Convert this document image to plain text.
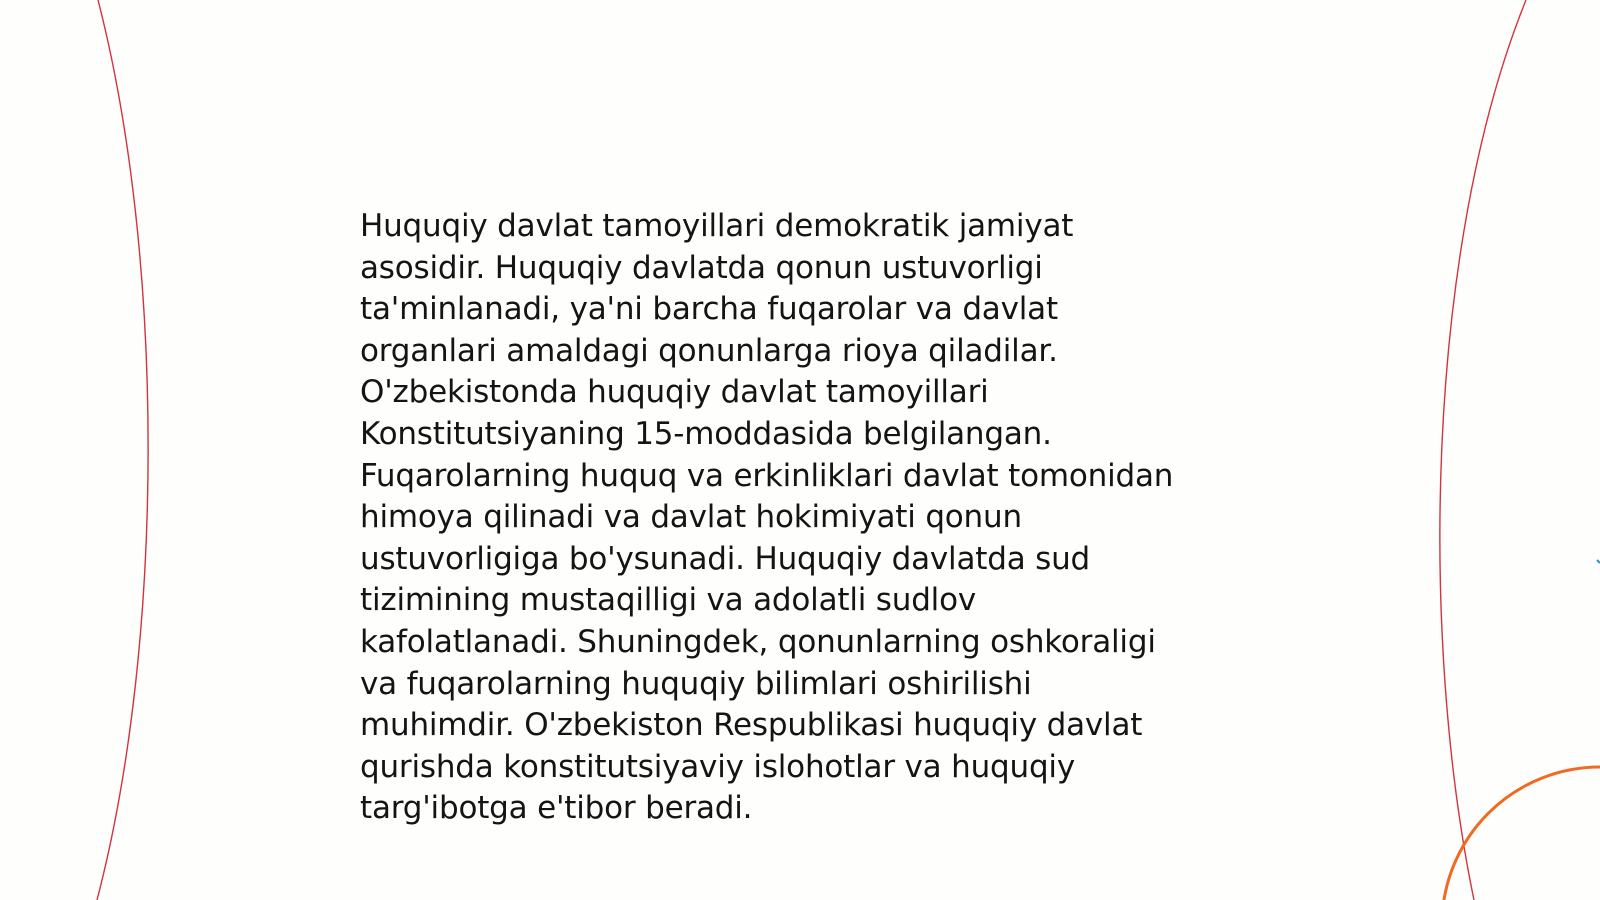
Huquqiy davlat tamoyillari demokratik jamiyat
asosidir. Huquqiy davlatda qonun ustuvorligi
ta'minlanadi, ya'ni barcha fuqarolar va davlat
organlari amaldagi qonunlarga rioya qiladilar.
O'zbekistonda huquqiy davlat tamoyillari
Konstitutsiyaning 15-moddasida belgilangan.
Fuqarolarning huquq va erkinliklari davlat tomonidan
himoya qilinadi va davlat hokimiyati qonun
ustuvorligiga bo'ysunadi. Huquqiy davlatda sud
tizimining mustaqilligi va adolatli sudlov
kafolatlanadi. Shuningdek, qonunlarning oshkoraligi
va fuqarolarning huquqiy bilimlari oshirilishi
muhimdir. O'zbekiston Respublikasi huquqiy davlat
qurishda konstitutsiyaviy islohotlar va huquqiy
targ'ibotga e'tibor beradi.
